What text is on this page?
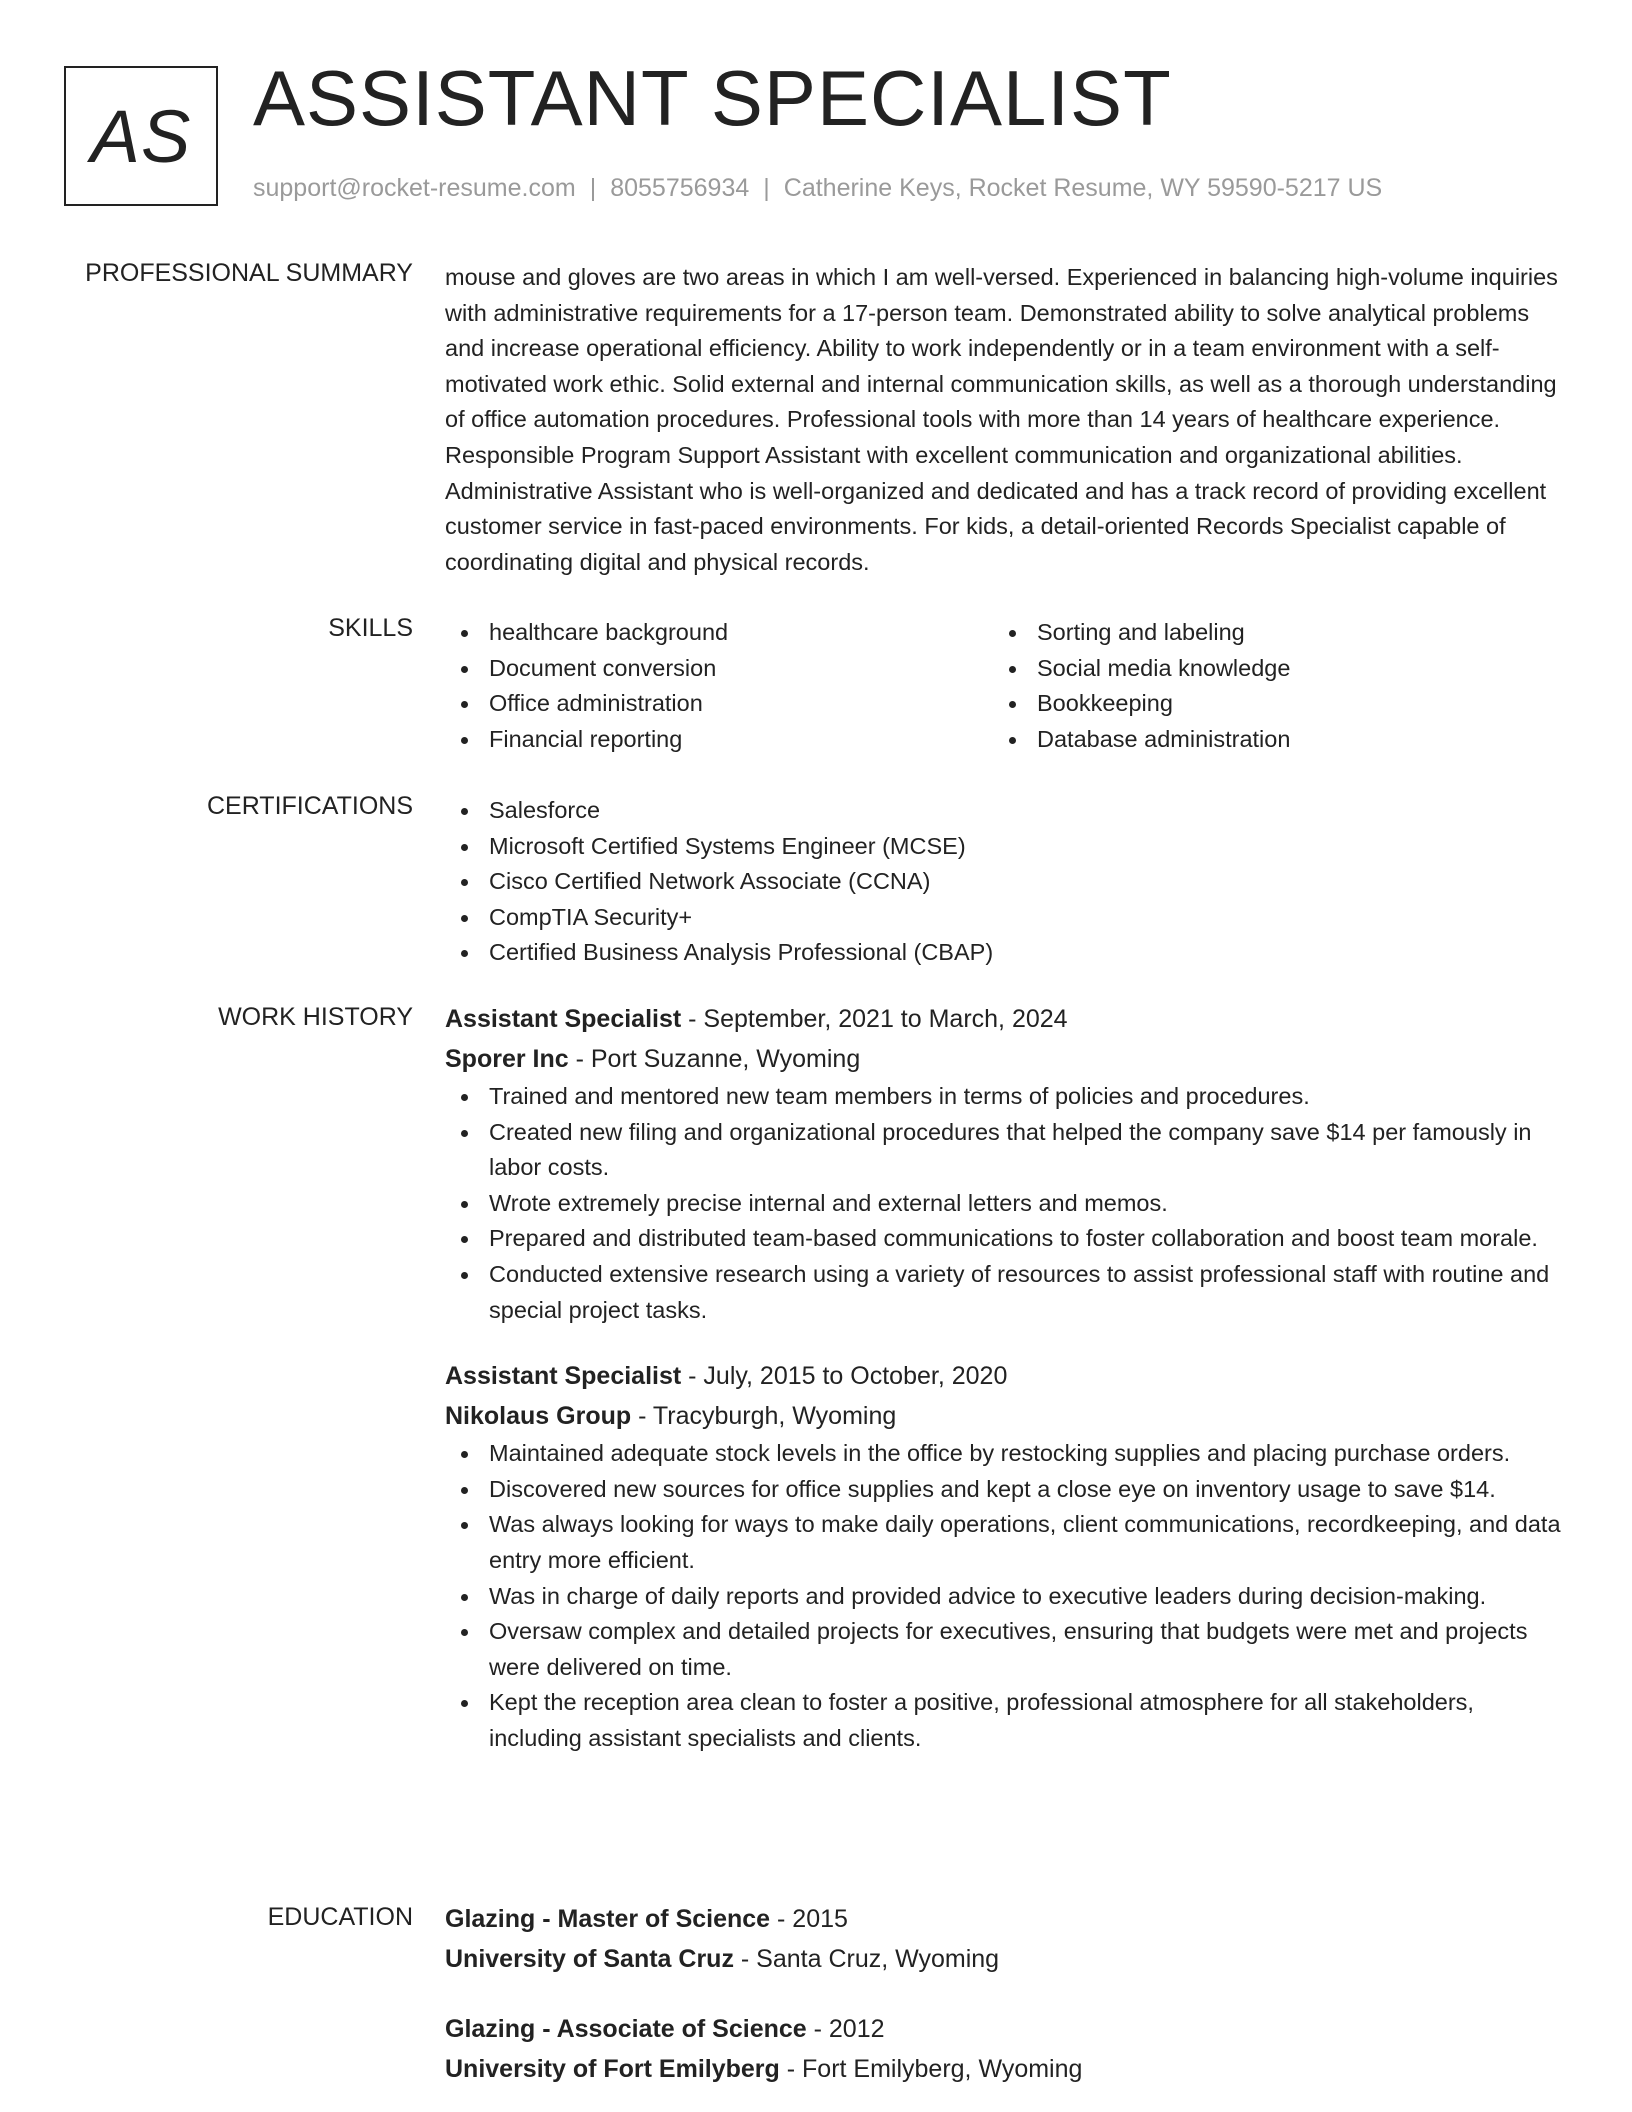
AS ASSISTANT SPECIALIST
support@rocket-resume.com | 8055756934 | Catherine Keys, Rocket Resume, WY 59590-5217 US
PROFESSIONAL SUMMARY mouse and gloves are two areas in which I am well-versed. Experienced in balancing high-volume inquiries with administrative requirements for a 17-person team. Demonstrated ability to solve analytical problems and increase operational efficiency. Ability to work independently or in a team environment with a self-motivated work ethic. Solid external and internal communication skills, as well as a thorough understanding of office automation procedures. Professional tools with more than 14 years of healthcare experience. Responsible Program Support Assistant with excellent communication and organizational abilities. Administrative Assistant who is well-organized and dedicated and has a track record of providing excellent customer service in fast-paced environments. For kids, a detail-oriented Records Specialist capable of coordinating digital and physical records.
SKILLS	healthcare background
Document conversion
Office administration
Financial reporting
Sorting and labeling
Social media knowledge
Bookkeeping
Database administration
CERTIFICATIONS	Salesforce
Microsoft Certified Systems Engineer (MCSE)
Cisco Certified Network Associate (CCNA)
CompTIA Security+
Certified Business Analysis Professional (CBAP)
WORK HISTORY Assistant Specialist - September, 2021 to March, 2024
Sporer Inc - Port Suzanne, Wyoming
Trained and mentored new team members in terms of policies and procedures.
Created new filing and organizational procedures that helped the company save $14 per famously in labor costs.
Wrote extremely precise internal and external letters and memos.
Prepared and distributed team-based communications to foster collaboration and boost team morale.
Conducted extensive research using a variety of resources to assist professional staff with routine and special project tasks.
Assistant Specialist - July, 2015 to October, 2020
Nikolaus Group - Tracyburgh, Wyoming
Maintained adequate stock levels in the office by restocking supplies and placing purchase orders.
Discovered new sources for office supplies and kept a close eye on inventory usage to save $14.
Was always looking for ways to make daily operations, client communications, recordkeeping, and data entry more efficient.
Was in charge of daily reports and provided advice to executive leaders during decision-making.
Oversaw complex and detailed projects for executives, ensuring that budgets were met and projects were delivered on time.
Kept the reception area clean to foster a positive, professional atmosphere for all stakeholders, including assistant specialists and clients.
EDUCATION Glazing - Master of Science - 2015
University of Santa Cruz - Santa Cruz, Wyoming
Glazing - Associate of Science - 2012
University of Fort Emilyberg - Fort Emilyberg, Wyoming
